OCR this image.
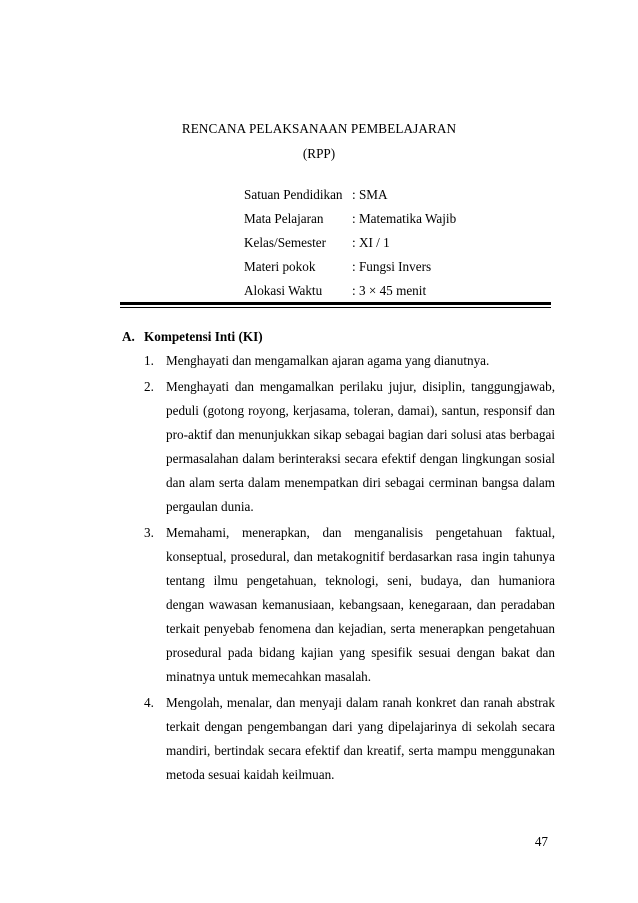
RENCANA PELAKSANAAN PEMBELAJARAN
(RPP)
Satuan Pendidikan : SMA
Mata Pelajaran : Matematika Wajib
Kelas/Semester : XI / 1
Materi pokok	: Fungsi Invers
Alokasi Waktu : 3 × 45 menit
A. Kompetensi Inti (KI)
1. Menghayati dan mengamalkan ajaran agama yang dianutnya.
2. Menghayati dan mengamalkan perilaku jujur, disiplin, tanggungjawab, peduli (gotong royong, kerjasama, toleran, damai), santun, responsif dan pro-aktif dan menunjukkan sikap sebagai bagian dari solusi atas berbagai permasalahan dalam berinteraksi secara efektif dengan lingkungan sosial dan alam serta dalam menempatkan diri sebagai cerminan bangsa dalam pergaulan dunia.
3. Memahami, menerapkan, dan menganalisis pengetahuan faktual, konseptual, prosedural, dan metakognitif berdasarkan rasa ingin tahunya tentang ilmu pengetahuan, teknologi, seni, budaya, dan humaniora dengan wawasan kemanusiaan, kebangsaan, kenegaraan, dan peradaban terkait penyebab fenomena dan kejadian, serta menerapkan pengetahuan prosedural pada bidang kajian yang spesifik sesuai dengan bakat dan minatnya untuk memecahkan masalah.
4. Mengolah, menalar, dan menyaji dalam ranah konkret dan ranah abstrak terkait dengan pengembangan dari yang dipelajarinya di sekolah secara mandiri, bertindak secara efektif dan kreatif, serta mampu menggunakan metoda sesuai kaidah keilmuan.
47
